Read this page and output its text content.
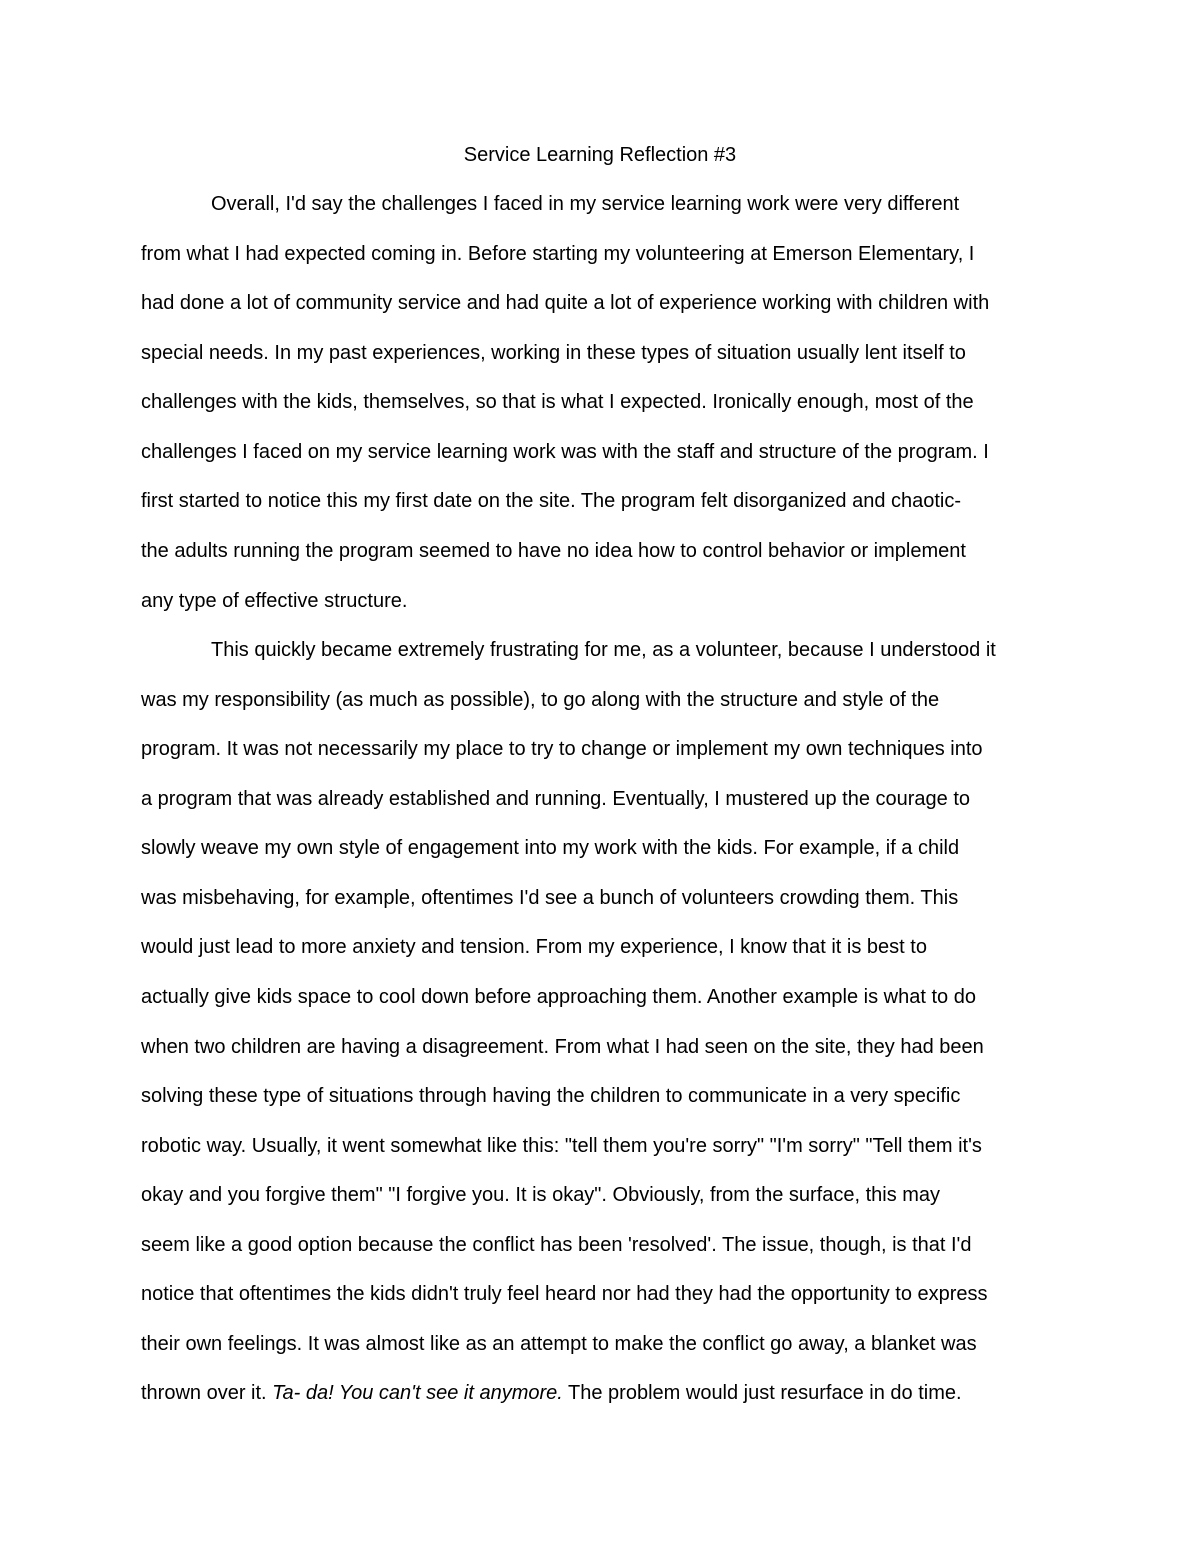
Service Learning Reflection #3
Overall, I'd say the challenges I faced in my service learning work were very different
from what I had expected coming in. Before starting my volunteering at Emerson Elementary, I
had done a lot of community service and had quite a lot of experience working with children with
special needs. In my past experiences, working in these types of situation usually lent itself to
challenges with the kids, themselves, so that is what I expected. Ironically enough, most of the
challenges I faced on my service learning work was with the staff and structure of the program. I
first started to notice this my first date on the site. The program felt disorganized and chaotic-
the adults running the program seemed to have no idea how to control behavior or implement
any type of effective structure.
This quickly became extremely frustrating for me, as a volunteer, because I understood it
was my responsibility (as much as possible), to go along with the structure and style of the
program. It was not necessarily my place to try to change or implement my own techniques into
a program that was already established and running. Eventually, I mustered up the courage to
slowly weave my own style of engagement into my work with the kids. For example, if a child
was misbehaving, for example, oftentimes I'd see a bunch of volunteers crowding them. This
would just lead to more anxiety and tension. From my experience, I know that it is best to
actually give kids space to cool down before approaching them. Another example is what to do
when two children are having a disagreement. From what I had seen on the site, they had been
solving these type of situations through having the children to communicate in a very specific
robotic way. Usually, it went somewhat like this: "tell them you're sorry" "I'm sorry" "Tell them it's
okay and you forgive them" "I forgive you. It is okay". Obviously, from the surface, this may
seem like a good option because the conflict has been 'resolved'. The issue, though, is that I'd
notice that oftentimes the kids didn't truly feel heard nor had they had the opportunity to express
their own feelings. It was almost like as an attempt to make the conflict go away, a blanket was
thrown over it. Ta- da! You can't see it anymore. The problem would just resurface in do time.
